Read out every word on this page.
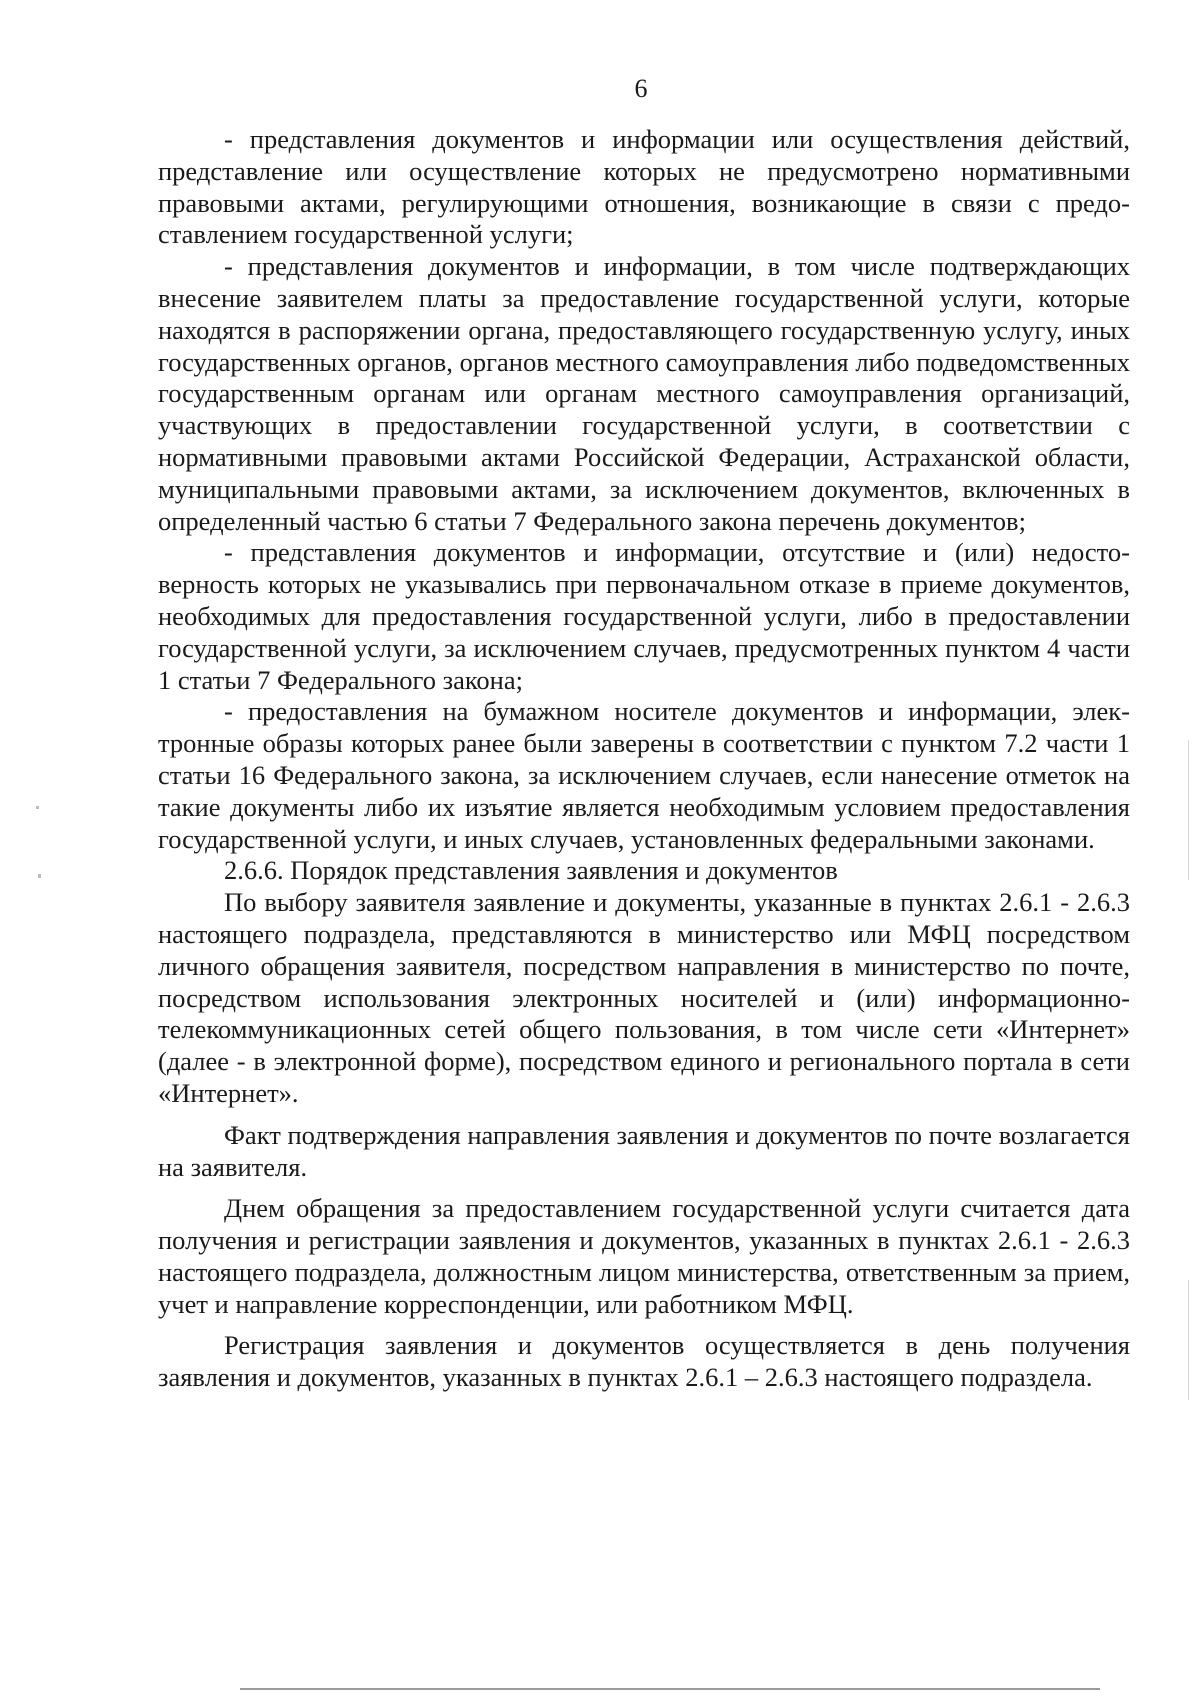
6

- представления документов и информации или осуществления действий, представление или осуществление которых не предусмотрено нормативными правовыми актами, регулирующими отношения, возникающие в связи с предоставлением государственной услуги;

- представления документов и информации, в том числе подтверждающих внесение заявителем платы за предоставление государственной услуги, которые находятся в распоряжении органа, предоставляющего государственную услугу, иных государственных органов, органов местного самоуправления либо подведомственных государственным органам или органам местного самоуправления организаций, участвующих в предоставлении государственной услуги, в соответствии с нормативными правовыми актами Российской Федерации, Астраханской области, муниципальными правовыми актами, за исключением документов, включенных в определенный частью 6 статьи 7 Федерального закона перечень документов;

- представления документов и информации, отсутствие и (или) недостоверность которых не указывались при первоначальном отказе в приеме документов, необходимых для предоставления государственной услуги, либо в предоставлении государственной услуги, за исключением случаев, предусмотренных пунктом 4 части 1 статьи 7 Федерального закона;

- предоставления на бумажном носителе документов и информации, электронные образы которых ранее были заверены в соответствии с пунктом 7.2 части 1 статьи 16 Федерального закона, за исключением случаев, если нанесение отметок на такие документы либо их изъятие является необходимым условием предоставления государственной услуги, и иных случаев, установленных федеральными законами.

2.6.6. Порядок представления заявления и документов

По выбору заявителя заявление и документы, указанные в пунктах 2.6.1 - 2.6.3 настоящего подраздела, представляются в министерство или МФЦ посредством личного обращения заявителя, посредством направления в министерство по почте, посредством использования электронных носителей и (или) информационно-телекоммуникационных сетей общего пользования, в том числе сети «Интернет» (далее - в электронной форме), посредством единого и регионального портала в сети «Интернет».

Факт подтверждения направления заявления и документов по почте возлагается на заявителя.

Днем обращения за предоставлением государственной услуги считается дата получения и регистрации заявления и документов, указанных в пунктах 2.6.1 - 2.6.3 настоящего подраздела, должностным лицом министерства, ответственным за прием, учет и направление корреспонденции, или работником МФЦ.

Регистрация заявления и документов осуществляется в день получения заявления и документов, указанных в пунктах 2.6.1 – 2.6.3 настоящего подраздела.
